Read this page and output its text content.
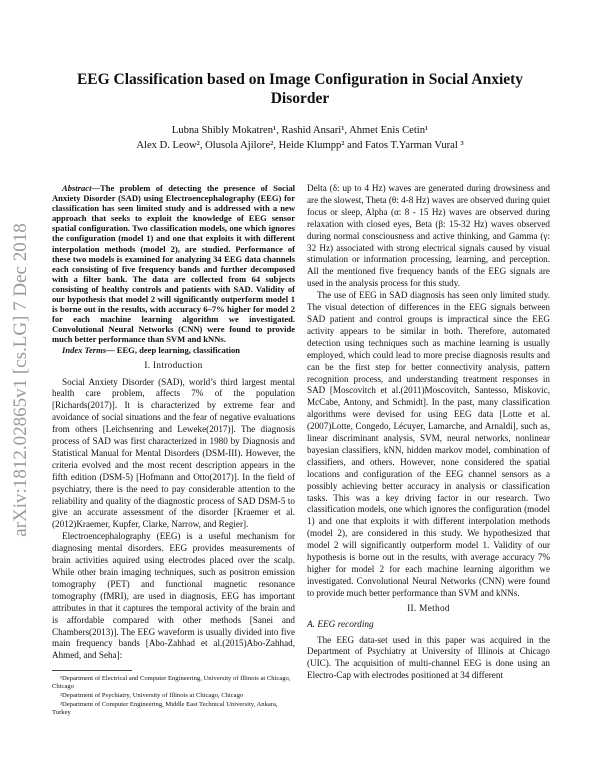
arXiv:1812.02865v1 [cs.LG] 7 Dec 2018
EEG Classification based on Image Configuration in Social Anxiety Disorder
Lubna Shibly Mokatren¹, Rashid Ansari¹, Ahmet Enis Cetin¹
Alex D. Leow², Olusola Ajilore², Heide Klumpp² and Fatos T.Yarman Vural ³

Abstract—The problem of detecting the presence of Social Anxiety Disorder (SAD) using Electroencephalography (EEG) for classification has seen limited study and is addressed with a new approach that seeks to exploit the knowledge of EEG sensor spatial configuration. Two classification models, one which ignores the configuration (model 1) and one that exploits it with different interpolation methods (model 2), are studied. Performance of these two models is examined for analyzing 34 EEG data channels each consisting of five frequency bands and further decomposed with a filter bank. The data are collected from 64 subjects consisting of healthy controls and patients with SAD. Validity of our hypothesis that model 2 will significantly outperform model 1 is borne out in the results, with accuracy 6–7% higher for model 2 for each machine learning algorithm we investigated. Convolutional Neural Networks (CNN) were found to provide much better performance than SVM and kNNs.

Index Terms— EEG, deep learning, classification

I. Introduction

Social Anxiety Disorder (SAD), world’s third largest mental health care problem, affects 7% of the population [Richards(2017)]. It is characterized by extreme fear and avoidance of social situations and the fear of negative evaluations from others [Leichsenring and Leweke(2017)]. The diagnosis process of SAD was first characterized in 1980 by Diagnosis and Statistical Manual for Mental Disorders (DSM-III). However, the criteria evolved and the most recent description appears in the fifth edition (DSM-5) [Hofmann and Otto(2017)]. In the field of psychiatry, there is the need to pay considerable attention to the reliability and quality of the diagnostic process of SAD DSM-5 to give an accurate assessment of the disorder [Kraemer et al.(2012)Kraemer, Kupfer, Clarke, Narrow, and Regier].

Electroencephalography (EEG) is a useful mechanism for diagnosing mental disorders. EEG provides measurements of brain activities aquired using electrodes placed over the scalp. While other brain imaging techniques, such as positron emission tomography (PET) and functional magnetic resonance tomography (fMRI), are used in diagnosis, EEG has important attributes in that it captures the temporal activity of the brain and is affordable compared with other methods [Sanei and Chambers(2013)]. The EEG waveform is usually divided into five main frequency bands [Abo-Zahhad et al.(2015)Abo-Zahhad, Ahmed, and Seha]:

¹Department of Electrical and Computer Engineering, University of Illinois at Chicago, Chicago

²Department of Psychiatry, University of Illinois at Chicago, Chicago

³Department of Computer Engineering, Middle East Technical University, Ankara, Turkey

Delta (δ: up to 4 Hz) waves are generated during drowsiness and are the slowest, Theta (θ: 4-8 Hz) waves are observed during quiet focus or sleep, Alpha (α: 8 - 15 Hz) waves are observed during relaxation with closed eyes, Beta (β: 15-32 Hz) waves observed during normal consciousness and active thinking, and Gamma (γ: 32 Hz) associated with strong electrical signals caused by visual stimulation or information processing, learning, and perception. All the mentioned five frequency bands of the EEG signals are used in the analysis process for this study.

The use of EEG in SAD diagnosis has seen only limited study. The visual detection of differences in the EEG signals between SAD patient and control groups is impractical since the EEG activity appears to be similar in both. Therefore, automated detection using techniques such as machine learning is usually employed, which could lead to more precise diagnosis results and can be the first step for better connectivity analysis, pattern recognition process, and understanding treatment responses in SAD [Moscovitch et al.(2011)Moscovitch, Santesso, Miskovic, McCabe, Antony, and Schmidt]. In the past, many classification algorithms were devised for using EEG data [Lotte et al.(2007)Lotte, Congedo, Lécuyer, Lamarche, and Arnaldi], such as, linear discriminant analysis, SVM, neural networks, nonlinear bayesian classifiers, kNN, hidden markov model, combination of classifiers, and others. However, none considered the spatial locations and configuration of the EEG channel sensors as a possibly achieving better accuracy in analysis or classification tasks. This was a key driving factor in our research. Two classification models, one which ignores the configuration (model 1) and one that exploits it with different interpolation methods (model 2), are considered in this study. We hypothesized that model 2 will significantly outperform model 1. Validity of our hypothesis is borne out in the results, with average accuracy 7% higher for model 2 for each machine learning algorithm we investigated. Convolutional Neural Networks (CNN) were found to provide much better performance than SVM and kNNs.

II. Method
A. EEG recording

The EEG data-set used in this paper was acquired in the Department of Psychiatry at University of Illinois at Chicago (UIC). The acquisition of multi-channel EEG is done using an Electro-Cap with electrodes positioned at 34 different
